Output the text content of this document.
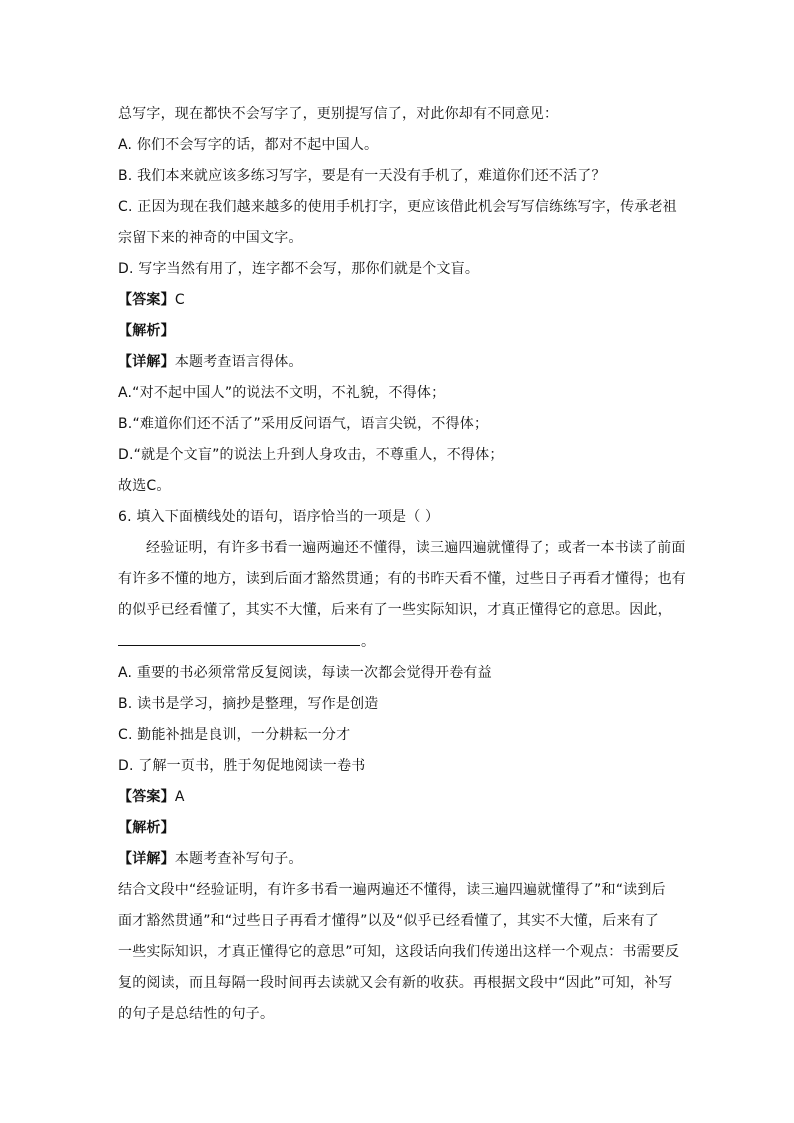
总写字，现在都快不会写字了，更别提写信了，对此你却有不同意见：
A. 你们不会写字的话，都对不起中国人。
B. 我们本来就应该多练习写字，要是有一天没有手机了，难道你们还不活了？
C. 正因为现在我们越来越多的使用手机打字，更应该借此机会写写信练练写字，传承老祖
宗留下来的神奇的中国文字。
D. 写字当然有用了，连字都不会写，那你们就是个文盲。
【答案】C
【解析】
【详解】本题考查语言得体。
A.“对不起中国人”的说法不文明，不礼貌，不得体；
B.“难道你们还不活了”采用反问语气，语言尖锐，不得体；
D.“就是个文盲”的说法上升到人身攻击，不尊重人，不得体；
故选C。
6. 填入下面横线处的语句，语序恰当的一项是（ ）
经验证明，有许多书看一遍两遍还不懂得，读三遍四遍就懂得了；或者一本书读了前面
有许多不懂的地方，读到后面才豁然贯通；有的书昨天看不懂，过些日子再看才懂得；也有
的似乎已经看懂了，其实不大懂，后来有了一些实际知识，才真正懂得它的意思。因此，
。
A. 重要的书必须常常反复阅读，每读一次都会觉得开卷有益
B. 读书是学习，摘抄是整理，写作是创造
C. 勤能补拙是良训，一分耕耘一分才
D. 了解一页书，胜于匆促地阅读一卷书
【答案】A
【解析】
【详解】本题考查补写句子。
结合文段中“经验证明，有许多书看一遍两遍还不懂得，读三遍四遍就懂得了”和“读到后
面才豁然贯通”和“过些日子再看才懂得”以及“似乎已经看懂了，其实不大懂，后来有了
一些实际知识，才真正懂得它的意思”可知，这段话向我们传递出这样一个观点：书需要反
复的阅读，而且每隔一段时间再去读就又会有新的收获。再根据文段中“因此”可知，补写
的句子是总结性的句子。
